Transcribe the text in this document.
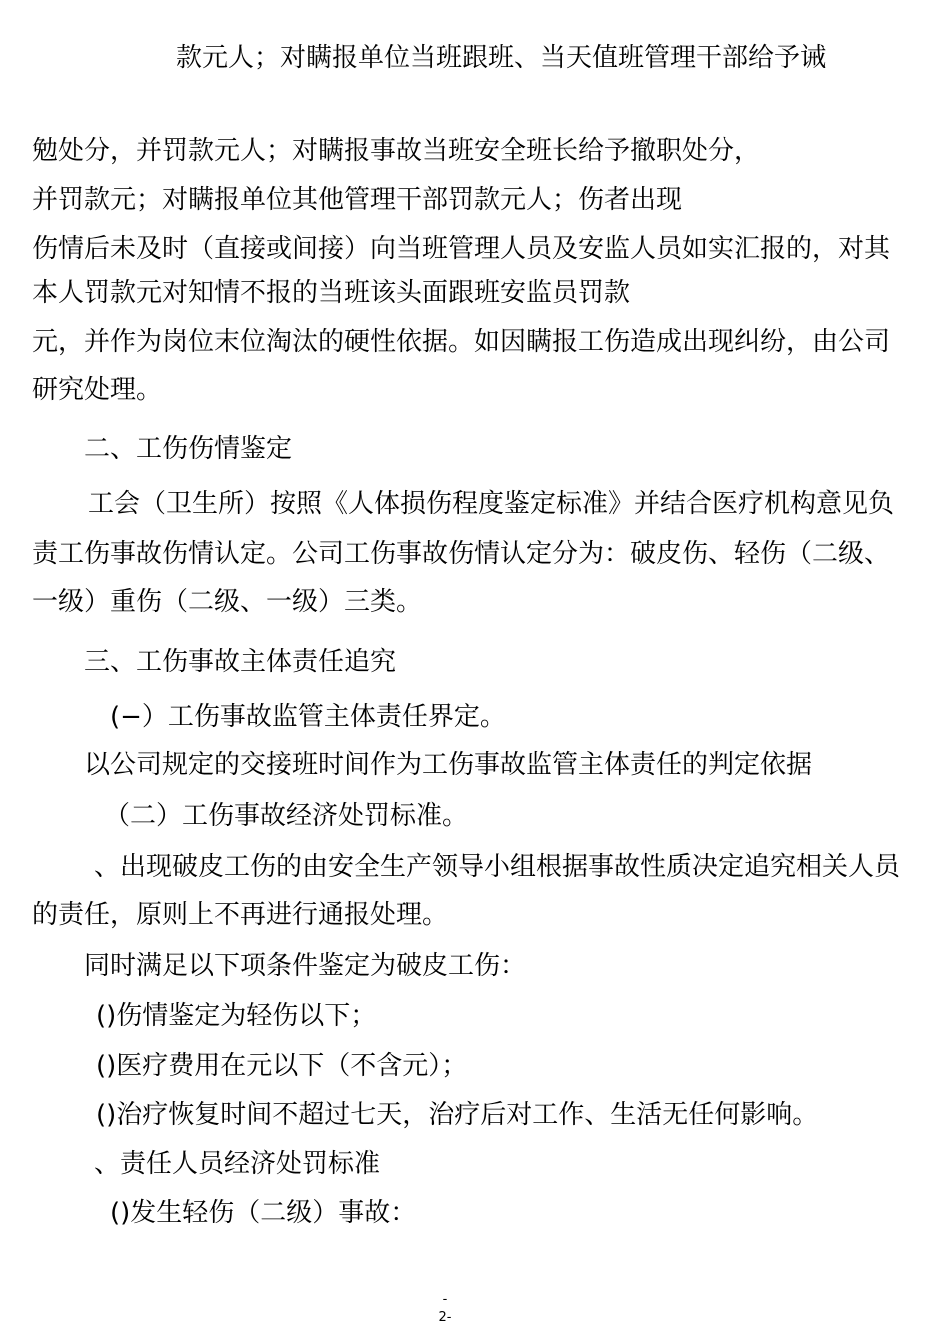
款元人；对瞒报单位当班跟班、当天值班管理干部给予诫

勉处分，并罚款元人；对瞒报事故当班安全班长给予撤职处分，

并罚款元；对瞒报单位其他管理干部罚款元人；伤者出现

伤情后未及时（直接或间接）向当班管理人员及安监人员如实汇报的，对其

本人罚款元对知情不报的当班该头面跟班安监员罚款

元，并作为岗位末位淘汰的硬性依据。如因瞒报工伤造成出现纠纷，由公司

研究处理。

二、工伤伤情鉴定

工会（卫生所）按照《人体损伤程度鉴定标准》并结合医疗机构意见负

责工伤事故伤情认定。公司工伤事故伤情认定分为：破皮伤、轻伤（二级、

一级）重伤（二级、一级）三类。

三、工伤事故主体责任追究

(−）工伤事故监管主体责任界定。

以公司规定的交接班时间作为工伤事故监管主体责任的判定依据

（二）工伤事故经济处罚标准。

、出现破皮工伤的由安全生产领导小组根据事故性质决定追究相关人员

的责任，原则上不再进行通报处理。

同时满足以下项条件鉴定为破皮工伤：

()伤情鉴定为轻伤以下；

()医疗费用在元以下（不含元）；

()治疗恢复时间不超过七天，治疗后对工作、生活无任何影响。

、责任人员经济处罚标准

()发生轻伤（二级）事故：

-
2-
